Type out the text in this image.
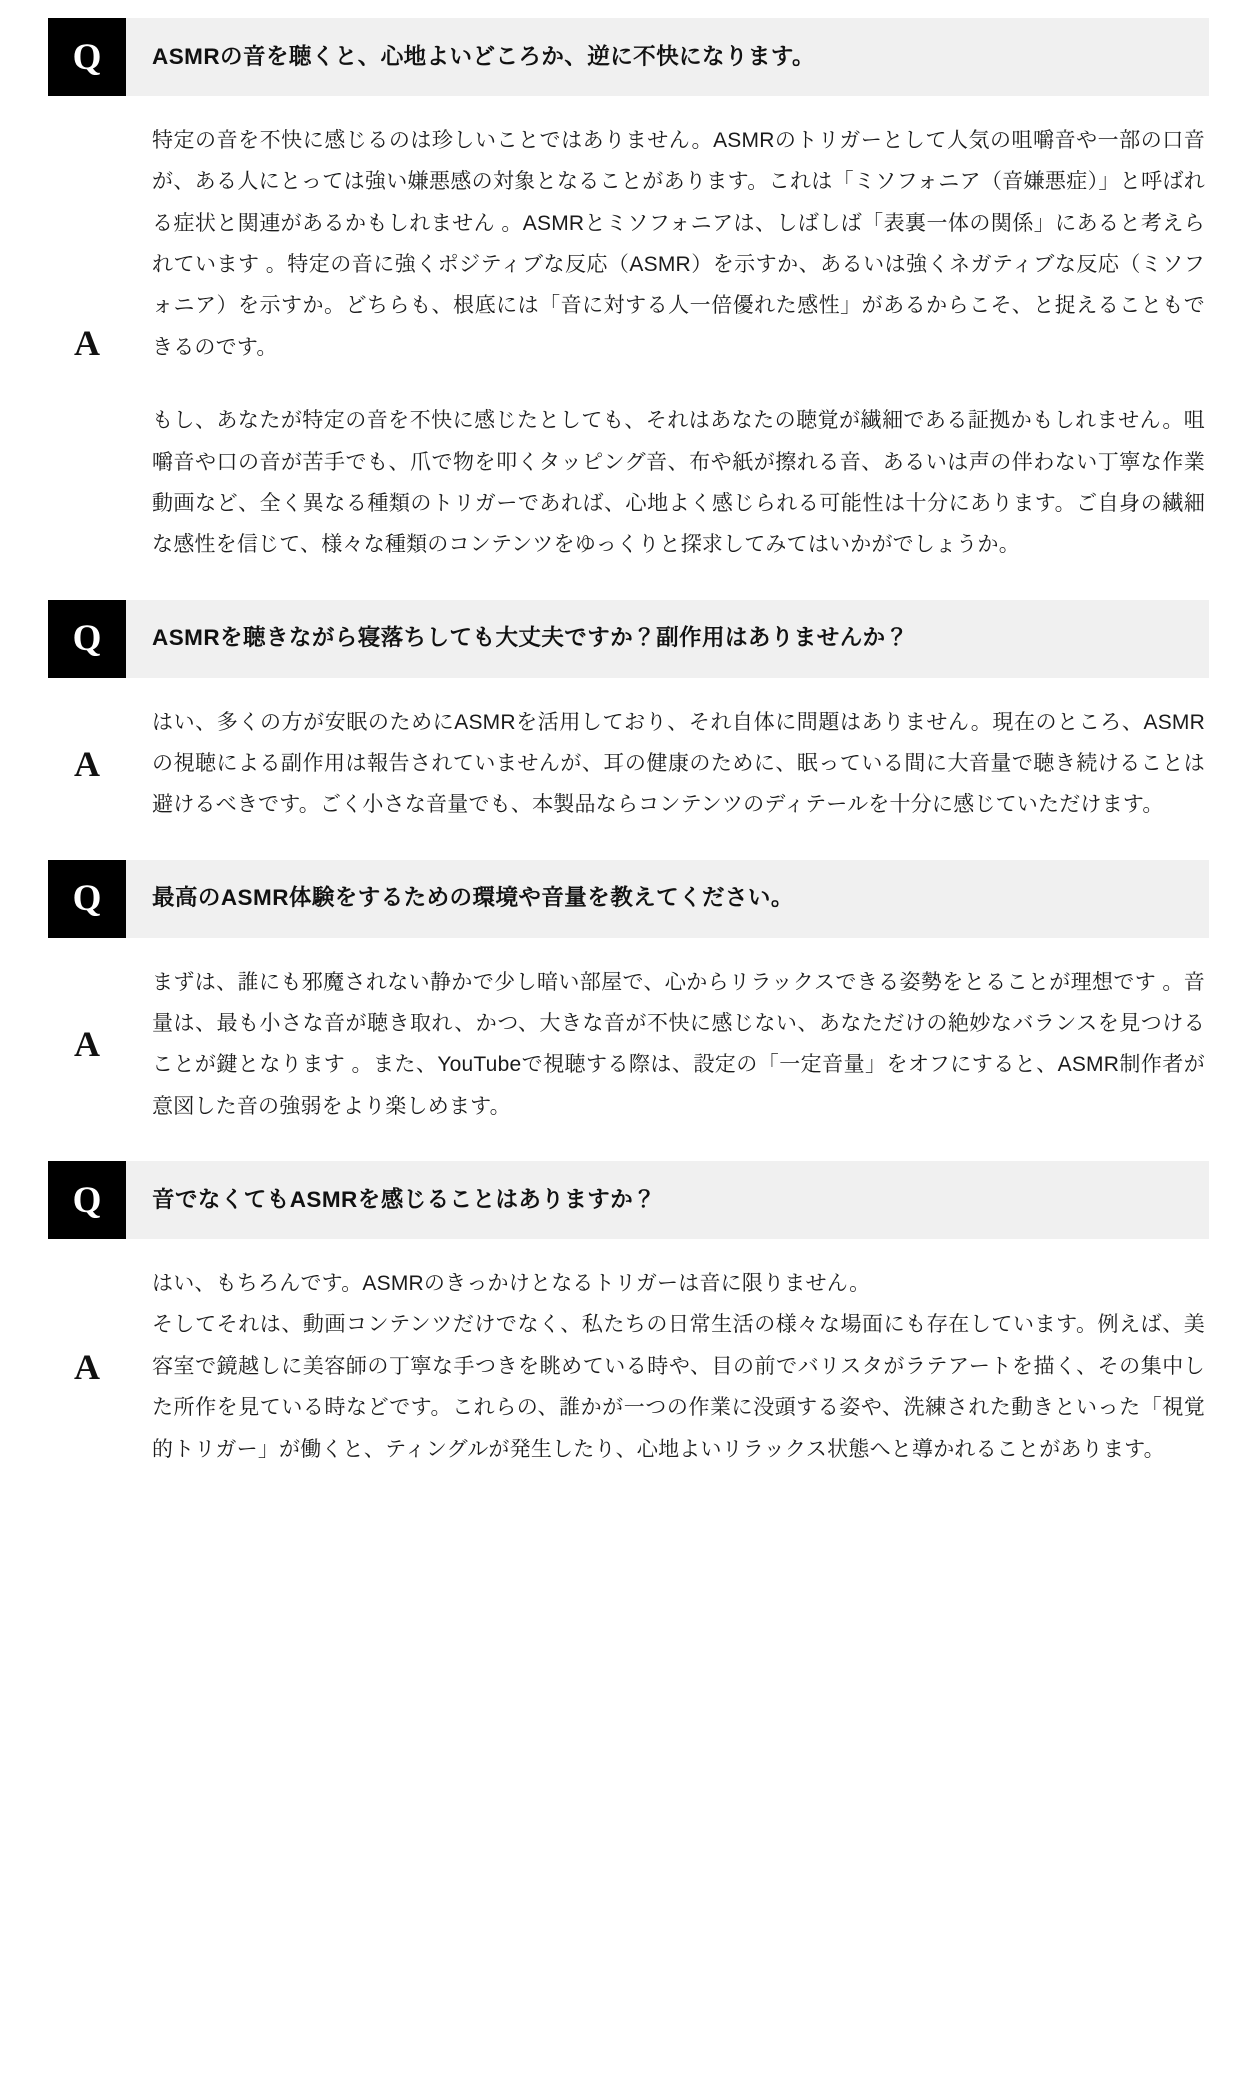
Q	ASMRの音を聴くと、心地よいどころか、逆に不快になります。
A

特定の音を不快に感じるのは珍しいことではありません。ASMRのトリガーとして人気の咀嚼音や一部の口音が、ある人にとっては強い嫌悪感の対象となることがあります。これは「ミソフォニア（音嫌悪症）」と呼ばれる症状と関連があるかもしれません 。ASMRとミソフォニアは、しばしば「表裏一体の関係」にあると考えられています 。特定の音に強くポジティブな反応（ASMR）を示すか、あるいは強くネガティブな反応（ミソフォニア）を示すか。どちらも、根底には「音に対する人一倍優れた感性」があるからこそ、と捉えることもできるのです。

もし、あなたが特定の音を不快に感じたとしても、それはあなたの聴覚が繊細である証拠かもしれません。咀嚼音や口の音が苦手でも、爪で物を叩くタッピング音、布や紙が擦れる音、あるいは声の伴わない丁寧な作業動画など、全く異なる種類のトリガーであれば、心地よく感じられる可能性は十分にあります。ご自身の繊細な感性を信じて、様々な種類のコンテンツをゆっくりと探求してみてはいかがでしょうか。

Q	ASMRを聴きながら寝落ちしても大丈夫ですか？副作用はありませんか？
A

はい、多くの方が安眠のためにASMRを活用しており、それ自体に問題はありません。現在のところ、ASMRの視聴による副作用は報告されていませんが、耳の健康のために、眠っている間に大音量で聴き続けることは避けるべきです。ごく小さな音量でも、本製品ならコンテンツのディテールを十分に感じていただけます。

Q	最高のASMR体験をするための環境や音量を教えてください。
A

まずは、誰にも邪魔されない静かで少し暗い部屋で、心からリラックスできる姿勢をとることが理想です 。音量は、最も小さな音が聴き取れ、かつ、大きな音が不快に感じない、あなただけの絶妙なバランスを見つけることが鍵となります 。また、YouTubeで視聴する際は、設定の「一定音量」をオフにすると、ASMR制作者が意図した音の強弱をより楽しめます。

Q	音でなくてもASMRを感じることはありますか？
A

はい、もちろんです。ASMRのきっかけとなるトリガーは音に限りません。

そしてそれは、動画コンテンツだけでなく、私たちの日常生活の様々な場面にも存在しています。例えば、美容室で鏡越しに美容師の丁寧な手つきを眺めている時や、目の前でバリスタがラテアートを描く、その集中した所作を見ている時などです。これらの、誰かが一つの作業に没頭する姿や、洗練された動きといった「視覚的トリガー」が働くと、ティングルが発生したり、心地よいリラックス状態へと導かれることがあります。
